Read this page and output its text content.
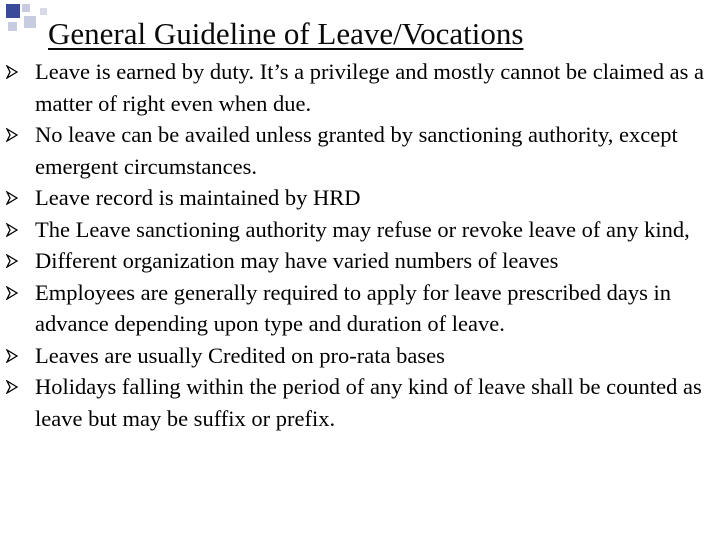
General Guideline of Leave/Vocations
Leave is earned by duty. It’s a privilege and mostly cannot be claimed as a matter of right even when due.
No leave can be availed unless granted by sanctioning authority, except emergent circumstances.
Leave record is maintained by HRD
The Leave sanctioning authority may refuse or revoke leave of any kind,
Different organization may have varied numbers of leaves
Employees are generally required to apply for leave prescribed days in advance depending upon type and duration of leave.
Leaves are usually Credited on pro-rata bases
Holidays falling within the period of any kind of leave shall be counted as leave but may be suffix or prefix.
